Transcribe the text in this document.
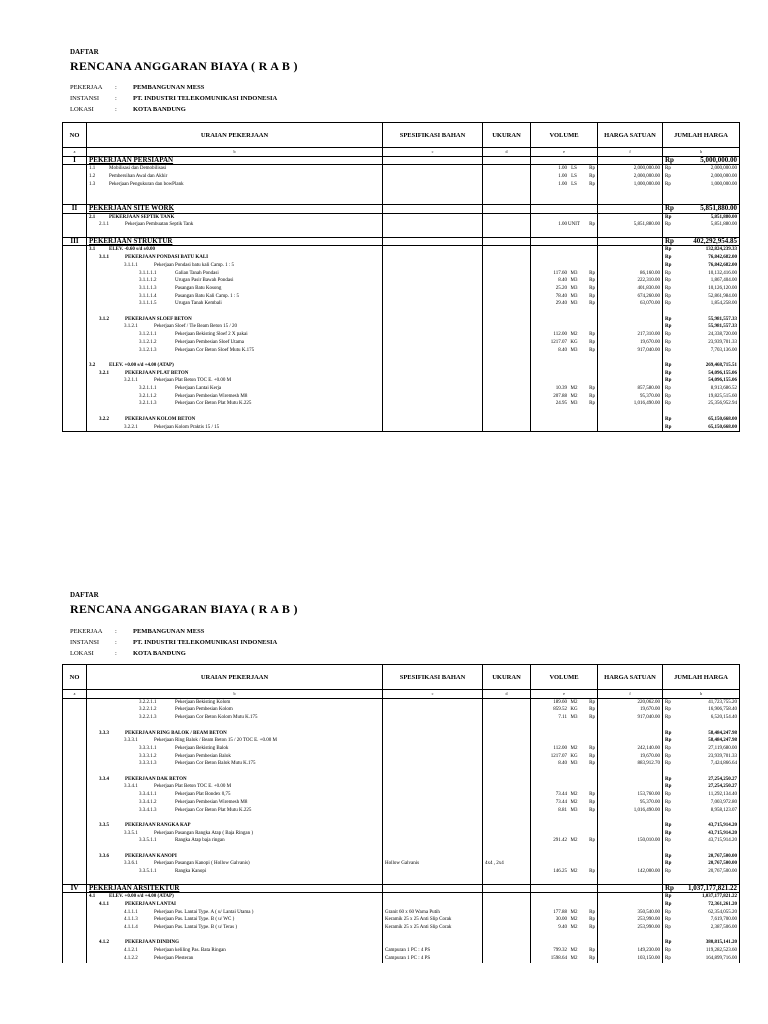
DAFTAR
RENCANA ANGGARAN BIAYA ( R A B )
PEKERJAA : PEMBANGUNAN MESS
INSTANSI : PT. INDUSTRI TELEKOMUNIKASI INDONESIA
LOKASI	: KOTA BANDUNG
NO	URAIAN PEKERJAAN	SPESIFIKASI BAHAN	UKURAN	VOLUME	HARGA SATUAN	JUMLAH HARGA
a	b	c	d	e	f	h
I	PEKERJAAN PERSIAPAN					Rp 5,000,000.00

	1.1 Mobilisasi dan Demobilisasi			1.00 LS Rp	2,000,000.00	Rp 2,000,000.00

	1.2 Pembersihan Awal dan Akhir			1.00 LS Rp	2,000,000.00	Rp 2,000,000.00

	1.3 Pekerjaan Pengukuran dan bowPlank			1.00 LS Rp	1,000,000.00	Rp 1,000,000.00

II	PEKERJAAN SITE WORK					Rp 5,851,880.00

	2.1 PEKERJAAN SEPTIK TANK					Rp 5,851,880.00

	2.1.1 Pekerjaan Pembuatan Septik Tank			1.00UNIT Rp	5,851,880.00	Rp 5,851,880.00

III	PEKERJAAN STRUKTUR					Rp 402,292,954.85

	3.1 ELEV. -0.60 s/d ±0.00					Rp 132,824,239.33

	3.1.1 PEKERJAAN PONDASI BATU KALI					Rp 76,842,682.00

	3.1.1.1 Pekerjaan Pondasi batu kali Camp. 1 : 5					Rp 76,842,682.00

	3.1.1.1.1 Galian Tanah Pondasi			117.60 M3 Rp	86,160.00	Rp 10,132,416.00

	3.1.1.1.2 Urugan Pasir Bawah Pondasi			8.40 M3 Rp	222,310.00	Rp 1,867,404.00

	3.1.1.1.3 Pasangan Batu Kosong			25.20 M3 Rp	401,830.00	Rp 10,126,120.00

	3.1.1.1.4 Pasangan Batu Kali Camp. 1 : 5			78.40 M3 Rp	674,260.00	Rp 52,861,984.00

	3.1.1.1.5 Urugan Tanah Kembali			29.40 M3 Rp	63,070.00	Rp 1,854,258.00

	3.1.2 PEKERJAAN SLOEF BETON					Rp 55,981,557.33

	3.1.2.1 Pekerjaan Sloef / Tie Beam Beton 15 / 20					Rp 55,981,557.33

	3.1.2.1.1 Pekerjaan Bekisting Sloef 2 X pakai			112.00 M2 Rp	217,310.00	Rp 24,338,720.00

	3.1.2.1.2 Pekerjaan Pembesian Sloef Utama			1217.07 KG Rp	19,670.00	Rp 23,939,701.33

	3.1.2.1.3 Pekerjaan Cor Beton Sloef Mutu K.175			8.40 M3 Rp	917,040.00	Rp 7,703,136.00

	3.2 ELEV. +0.00 s/d +4.00 (ATAP)					Rp 269,468,715.51

	3.2.1 PEKERJAAN PLAT BETON					Rp 54,096,155.06

	3.2.1.1 Pekerjaan Plat Beton TOC E. +0.00 M					Rp 54,096,155.06

	3.2.1.1.1 Pekerjaan Lantai Kerja			10.39 M2 Rp	857,580.00	Rp 8,913,686.52

	3.2.1.1.2 Pekerjaan Pembesian Wiremesh M8			207.88 M2 Rp	95,370.00	Rp 19,825,515.60

	3.2.1.1.3 Pekerjaan Cor Beton Plat Mutu K.225			24.95 M3 Rp	1,016,490.00	Rp 25,356,952.94

	3.2.2 PEKERJAAN KOLOM BETON					Rp 65,150,668.00

	3.2.2.1 Pekerjaan Kolom Praktis 15 / 15					Rp 65,150,668.00
DAFTAR
RENCANA ANGGARAN BIAYA ( R A B )
PEKERJAA : PEMBANGUNAN MESS
INSTANSI : PT. INDUSTRI TELEKOMUNIKASI INDONESIA
LOKASI	: KOTA BANDUNG
NO	URAIAN PEKERJAAN	SPESIFIKASI BAHAN	UKURAN	VOLUME	HARGA SATUAN	JUMLAH HARGA
a	b	c	d	e	f	h

	3.2.2.1.1 Pekerjaan Bekisting Kolom			189.60 M2 Rp	220,062.00	Rp 41,723,755.20

	3.2.2.1.2 Pekerjaan Pembesian Kolom			859.52 KG Rp	19,670.00	Rp 16,906,758.40

	3.2.2.1.3 Pekerjaan Cor Beton Kolom Mutu K.175			7.11 M3 Rp	917,040.00	Rp 6,520,154.40

	3.3.3 PEKERJAAN RING BALOK / BEAM BETON					Rp 58,484,247.98

	3.3.3.1 Pekerjaan Ring Balok / Beam Beton 15 / 20 TOC E. +0.00 M					Rp 58,484,247.98

	3.3.3.1.1 Pekerjaan Bekisting Balok			112.00 M2 Rp	242,140.00	Rp 27,119,680.00

	3.3.3.1.2 Pekerjaan Pembesian Balok			1217.07 KG Rp	19,670.00	Rp 23,939,701.33

	3.3.3.1.3 Pekerjaan Cor Beton Balok Mutu K.175			8.40 M3 Rp	883,912.70	Rp 7,424,866.64

	3.3.4 PEKERJAAN DAK BETON					Rp 27,254,250.27

	3.3.4.1 Pekerjaan Plat Beton TOC E. +0.00 M					Rp 27,254,250.27

	3.3.4.1.1 Pekerjaan Plat Bondex 0,75			73.44 M2 Rp	153,760.00	Rp 11,292,134.40

	3.3.4.1.2 Pekerjaan Pembesian Wiremesh M8			73.44 M2 Rp	95,370.00	Rp 7,003,972.80

	3.3.4.1.3 Pekerjaan Cor Beton Plat Mutu K.225			8.81 M3 Rp	1,016,490.00	Rp 8,958,123.07

	3.3.5 PEKERJAAN RANGKA KAP					Rp 43,715,914.20

	3.3.5.1 Pekerjaan Pasangan Rangka Atap ( Baja Ringan )					Rp 43,715,914.20

	3.3.5.1.1 Rangka Atap baja ringan			291.42 M2 Rp	150,010.00	Rp 43,715,914.20

	3.3.6 PEKERJAAN KANOPI					Rp 20,767,500.00

	3.3.6.1 Pekerjaan Pasangan Kanopi ( Hollow Galvanis)	Hollow Galvanis	4x4 , 2x4			Rp 20,767,500.00

	3.3.5.1.1 Rangka Kanopi			146.25 M2 Rp	142,000.00	Rp 20,767,500.00

IV	PEKERJAAN ARSITEKTUR					Rp 1,037,177,821.22

	4.1 ELEV. +0.00 s/d +4.00 (ATAP)					Rp 1,037,177,821.22

	4.1.1 PEKERJAAN LANTAI					Rp 72,361,261.20

	4.1.1.1 Pekerjaan Pas. Lantai Type. A ( u/ Lantai Utama )	Granit 60 x 60 Warna Putih		177.88 M2 Rp	350,540.00	Rp 62,354,055.20

	4.1.1.3 Pekerjaan Pas. Lantai Type. B ( u/ WC )	Keramik 25 x 25 Anti Slip Corak		30.00 M2 Rp	253,990.00	Rp 7,619,700.00

	4.1.1.4 Pekerjaan Pas. Lantai Type. B ( u/ Teras )	Keramik 25 x 25 Anti Slip Corak		9.40 M2 Rp	253,990.00	Rp 2,387,506.00

	4.1.2 PEKERJAAN DINDING					Rp 380,815,141.20

	4.1.2.1 Pekerjaan keliling Pas. Bata Ringan	Campuran 1 PC : 4 PS		799.32 M2 Rp	149,230.00	Rp 119,282,523.60

	4.1.2.2 Pekerjaan Plesteran	Campuran 1 PC : 4 PS		1598.64 M2 Rp	103,150.00	Rp 164,899,716.00
